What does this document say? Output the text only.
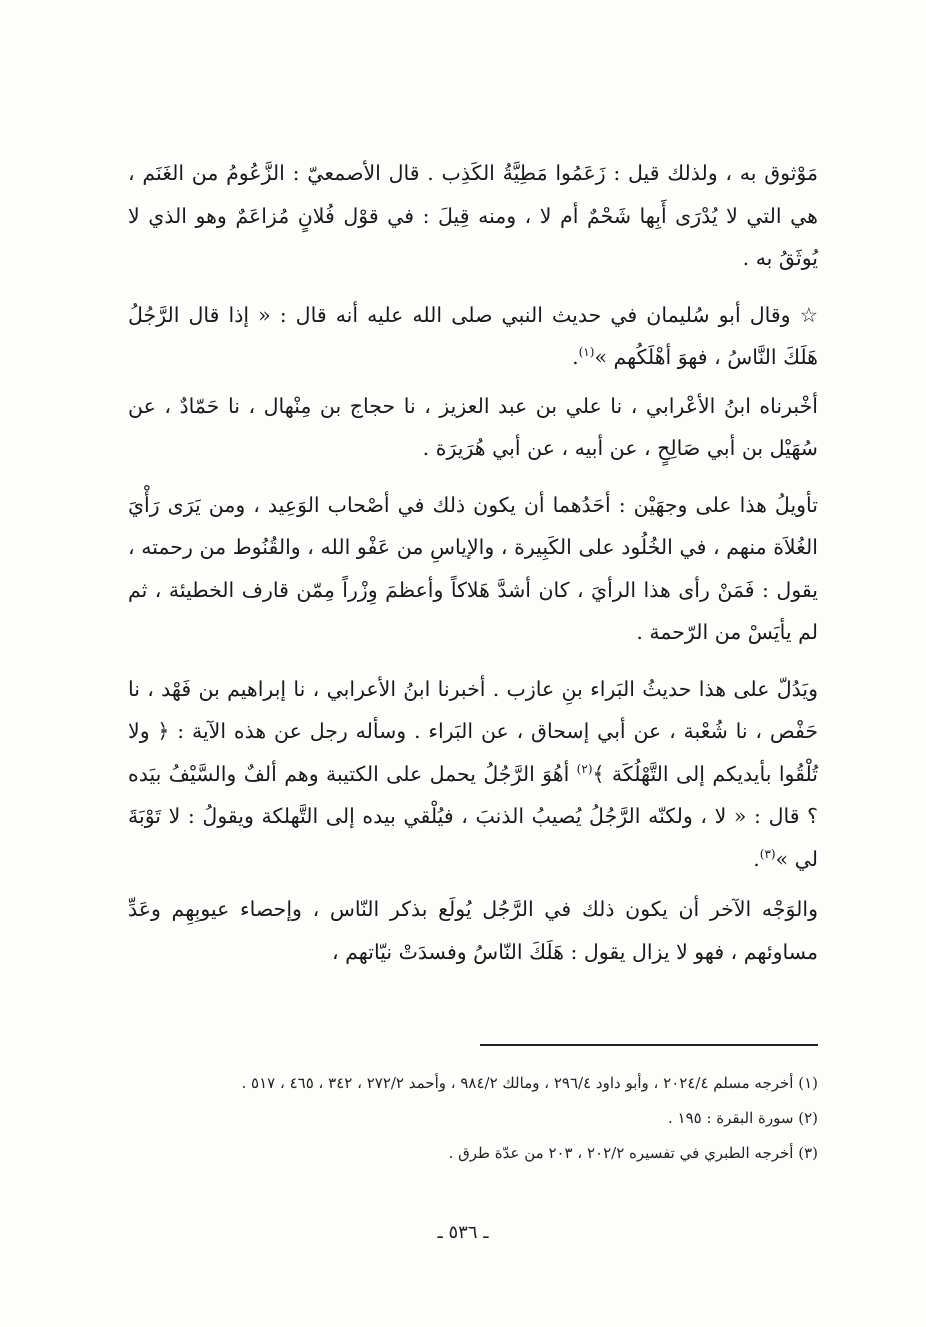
مَوْثوق به ، ولذلك قيل : زَعَمُوا مَطِيَّةُ الكَذِب . قال الأصمعيّ : الزَّعُومُ من الغَنَم ، هي التي لا يُدْرَى أَبِها شَحْمٌ أم لا ، ومنه قِيلَ : في قوْل فُلانٍ مُزاعَمٌ وهو الذي لا يُوثَقُ به .

☆ وقال أبو سُليمان في حديث النبي صلى الله عليه أنه قال : « إذا قال الرَّجُلُ هَلَكَ النَّاسُ ، فهوَ أهْلَكُهم »$^{(١)}$.

أخْبرناه ابنُ الأعْرابي ، نا علي بن عبد العزيز ، نا حجاج بن مِنْهال ، نا حَمّادٌ ، عن سُهَيْل بن أبي صَالِحٍ ، عن أبيه ، عن أبي هُرَيرَة .

تأويلُ هذا على وجهَيْن : أحَدُهما أن يكون ذلك في أصْحاب الوَعِيد ، ومن يَرَى رَأْيَ الغُلاَة منهم ، في الخُلُود على الكَبِيرة ، والإياسِ من عَفْو الله ، والقُنُوط من رحمته ، يقول : فَمَنْ رأى هذا الرأيَ ، كان أشدَّ هَلاكاً وأعظمَ وِزْراً مِمّن قارف الخطيئة ، ثم لم يأيَسْ من الرّحمة .

ويَدُلّ على هذا حديثُ البَراء بنِ عازب . أخبرنا ابنُ الأعرابي ، نا إبراهيم بن فَهْد ، نا حَفْص ، نا شُعْبة ، عن أبي إسحاق ، عن البَراء . وسأله رجل عن هذه الآية : ﴿ ولا تُلْقُوا بأيديكم إلى التَّهْلُكَة ﴾$^{(٢)}$ أهُوَ الرَّجُلُ يحمل على الكتيبة وهم ألفٌ والسَّيْفُ بيَده ؟ قال : « لا ، ولكنّه الرَّجُلُ يُصيبُ الذنبَ ، فيُلْقي بيده إلى التَّهلكة ويقولُ : لا تَوْبَةَ لي »$^{(٣)}$.

والوَجْه الآخر أن يكون ذلك في الرَّجُل يُولَع بذكر النّاس ، وإحصاء عيوبِهِم وعَدِّ مساوئهم ، فهو لا يزال يقول : هَلَكَ النّاسُ وفسدَتْ نيّاتهم ،

(١) أخرجه مسلم ٢٠٢٤/٤ ، وأبو داود ٢٩٦/٤ ، ومالك ٩٨٤/٢ ، وأحمد ٢٧٢/٢ ، ٣٤٢ ، ٤٦٥ ، ٥١٧ .

(٢) سورة البقرة : ١٩٥ .

(٣) أخرجه الطبري في تفسيره ٢٠٢/٢ ، ٢٠٣ من عدّة طرق .

ـ ٥٣٦ ـ
